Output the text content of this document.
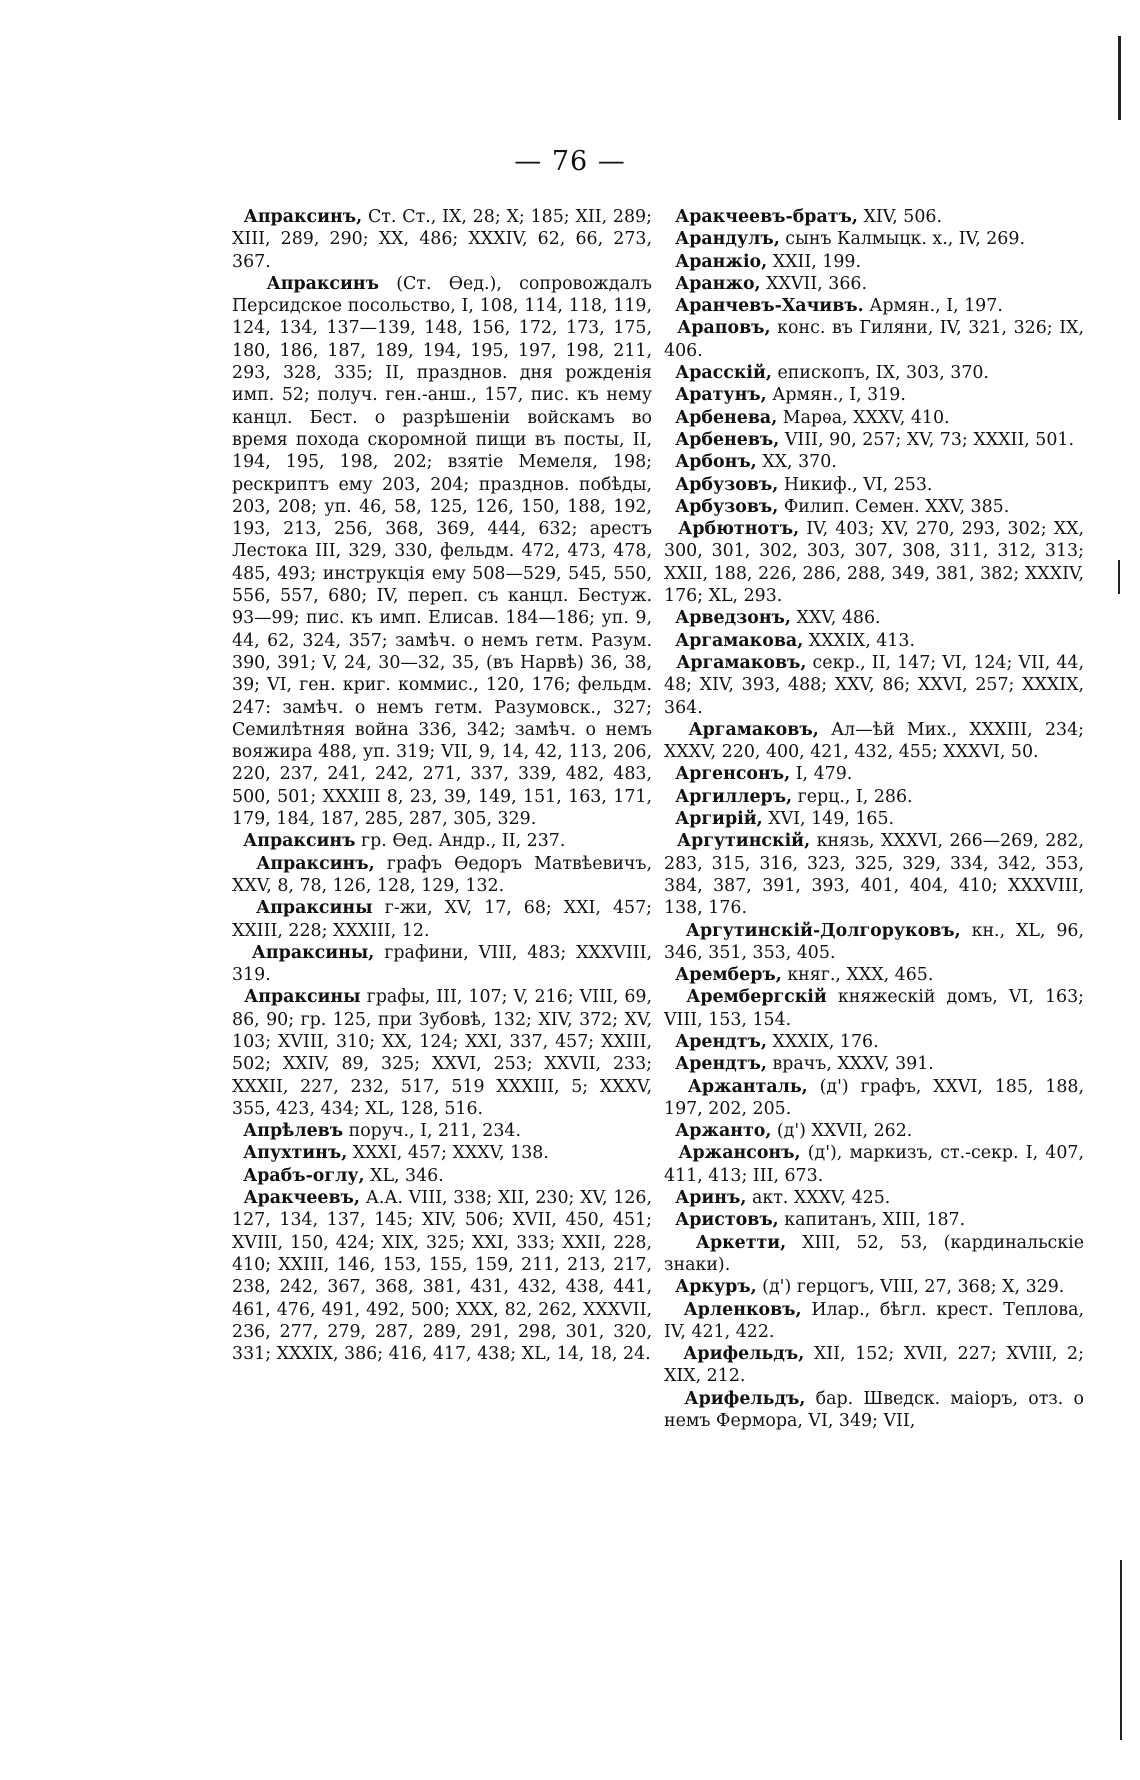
— 76 —

Апраксинъ, Ст. Ст., IX, 28; X; 185; XII, 289; XIII, 289, 290; XX, 486; XXXIV, 62, 66, 273, 367.

Апраксинъ (Ст. Ѳед.), сопровождалъ Персидское посольство, I, 108, 114, 118, 119, 124, 134, 137—139, 148, 156, 172, 173, 175, 180, 186, 187, 189, 194, 195, 197, 198, 211, 293, 328, 335; II, празднов. дня рожденія имп. 52; получ. ген.-анш., 157, пис. къ нему канцл. Бест. о разрѣшеніи войскамъ во время похода скоромной пищи въ посты, II, 194, 195, 198, 202; взятіе Мемеля, 198; рескриптъ ему 203, 204; празднов. побѣды, 203, 208; уп. 46, 58, 125, 126, 150, 188, 192, 193, 213, 256, 368, 369, 444, 632; арестъ Лестока III, 329, 330, фельдм. 472, 473, 478, 485, 493; инструкція ему 508—529, 545, 550, 556, 557, 680; IV, переп. съ канцл. Бестуж. 93—99; пис. къ имп. Елисав. 184—186; уп. 9, 44, 62, 324, 357; замѣч. о немъ гетм. Разум. 390, 391; V, 24, 30—32, 35, (въ Нарвѣ) 36, 38, 39; VI, ген. криг. коммис., 120, 176; фельдм. 247: замѣч. о немъ гетм. Разумовск., 327; Семилѣтняя война 336, 342; замѣч. о немъ вояжира 488, уп. 319; VII, 9, 14, 42, 113, 206, 220, 237, 241, 242, 271, 337, 339, 482, 483, 500, 501; XXXIII 8, 23, 39, 149, 151, 163, 171, 179, 184, 187, 285, 287, 305, 329.

Апраксинъ гр. Ѳед. Андр., II, 237.

Апраксинъ, графъ Ѳедоръ Матвѣевичъ, XXV, 8, 78, 126, 128, 129, 132.

Апраксины г-жи, XV, 17, 68; XXI, 457; XXIII, 228; XXXIII, 12.

Апраксины, графини, VIII, 483; XXXVIII, 319.

Апраксины графы, III, 107; V, 216; VIII, 69, 86, 90; гр. 125, при Зубовѣ, 132; XIV, 372; XV, 103; XVIII, 310; XX, 124; XXI, 337, 457; XXIII, 502; XXIV, 89, 325; XXVI, 253; XXVII, 233; XXXII, 227, 232, 517, 519 XXXIII, 5; XXXV, 355, 423, 434; XL, 128, 516.

Апрѣлевъ поруч., I, 211, 234.

Апухтинъ, XXXI, 457; XXXV, 138.

Арабъ-оглу, XL, 346.

Аракчеевъ, А.А. VIII, 338; XII, 230; XV, 126, 127, 134, 137, 145; XIV, 506; XVII, 450, 451; XVIII, 150, 424; XIX, 325; XXI, 333; XXII, 228, 410; XXIII, 146, 153, 155, 159, 211, 213, 217, 238, 242, 367, 368, 381, 431, 432, 438, 441, 461, 476, 491, 492, 500; XXX, 82, 262, XXXVII, 236, 277, 279, 287, 289, 291, 298, 301, 320, 331; XXXIX, 386; 416, 417, 438; XL, 14, 18, 24.

Аракчеевъ-братъ, XIV, 506.

Арандулъ, сынъ Калмыцк. х., IV, 269.

Аранжіо, XXII, 199.

Аранжо, XXVII, 366.

Аранчевъ-Хачивъ. Армян., I, 197.

Араповъ, конс. въ Гиляни, IV, 321, 326; IX, 406.

Арасскій, епископъ, IX, 303, 370.

Аратунъ, Армян., I, 319.

Арбенева, Марѳа, XXXV, 410.

Арбеневъ, VIII, 90, 257; XV, 73; XXXII, 501.

Арбонъ, XX, 370.

Арбузовъ, Никиф., VI, 253.

Арбузовъ, Филип. Семен. XXV, 385.

Арбютнотъ, IV, 403; XV, 270, 293, 302; XX, 300, 301, 302, 303, 307, 308, 311, 312, 313; XXII, 188, 226, 286, 288, 349, 381, 382; XXXIV, 176; XL, 293.

Арведзонъ, XXV, 486.

Аргамакова, XXXIX, 413.

Аргамаковъ, секр., II, 147; VI, 124; VII, 44, 48; XIV, 393, 488; XXV, 86; XXVI, 257; XXXIX, 364.

Аргамаковъ, Ал—ѣй Мих., XXXIII, 234; XXXV, 220, 400, 421, 432, 455; XXXVI, 50.

Аргенсонъ, I, 479.

Аргиллеръ, герц., I, 286.

Аргирій, XVI, 149, 165.

Аргутинскій, князь, XXXVI, 266—269, 282, 283, 315, 316, 323, 325, 329, 334, 342, 353, 384, 387, 391, 393, 401, 404, 410; XXXVIII, 138, 176.

Аргутинскій-Долгоруковъ, кн., XL, 96, 346, 351, 353, 405.

Аремберъ, княг., XXX, 465.

Арембергскій княжескій домъ, VI, 163; VIII, 153, 154.

Арендтъ, XXXIX, 176.

Арендтъ, врачъ, XXXV, 391.

Аржанталь, (д') графъ, XXVI, 185, 188, 197, 202, 205.

Аржанто, (д') XXVII, 262.

Аржансонъ, (д'), маркизъ, ст.-секр. I, 407, 411, 413; III, 673.

Аринъ, акт. XXXV, 425.

Аристовъ, капитанъ, XIII, 187.

Аркетти, XIII, 52, 53, (кардинальскіе знаки).

Аркуръ, (д') герцогъ, VIII, 27, 368; X, 329.

Арленковъ, Илар., бѣгл. крест. Теплова, IV, 421, 422.

Арифельдъ, XII, 152; XVII, 227; XVIII, 2; XIX, 212.

Арифельдъ, бар. Шведск. маіоръ, отз. о немъ Фермора, VI, 349; VII,
